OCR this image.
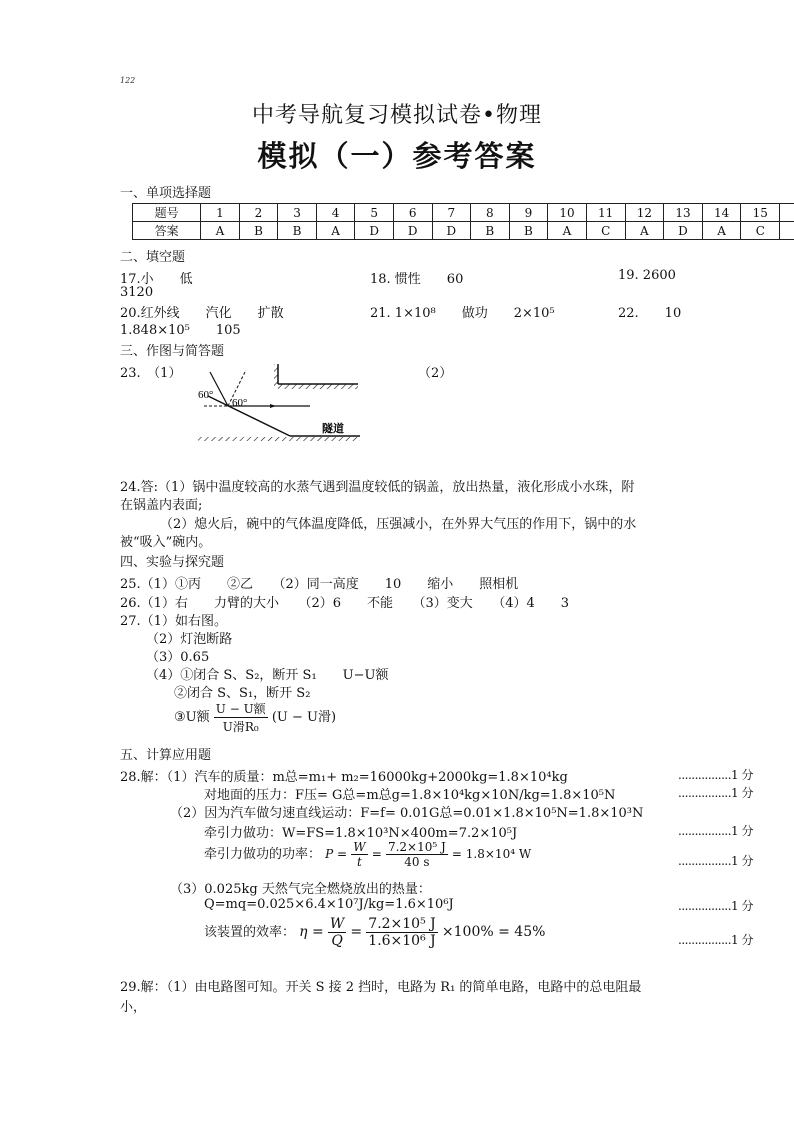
122
中考导航复习模拟试卷•物理
模拟（一）参考答案
一、单项选择题
题号	1	2	3	4	5	6	7	8	9	10	11	12	13	14	15	
答案	A	B	B	A	D	D	D	B	B	A	C	A	D	A	C	
二、填空题
17.小　　低
3120
18. 惯性　　60	19. 2600
20.红外线　　汽化　　扩散
1.848×10⁵　　105
21. 1×10⁸　　做功　　2×10⁵	22.　　10
三、作图与简答题
23.　（1）	（2）
60°
60°
隧道
24.答:（1）锅中温度较高的水蒸气遇到温度较低的锅盖，放出热量，液化形成小水珠，附
在锅盖内表面;
（2）熄火后，碗中的气体温度降低，压强减小，在外界大气压的作用下，锅中的水
被“吸入”碗内。
四、实验与探究题
25.（1）①丙　　②乙　　（2）同一高度　　10　　缩小　　照相机
26.（1）右　　力臂的大小　　（2）6　　不能　　（3）变大　　（4）4　　3
27.（1）如右图。
（2）灯泡断路
（3）0.65
（4）①闭合 S、S₂，断开 S₁　　U−U额
②闭合 S、S₁，断开 S₂
③U额 $\frac{\text{U − U额}}{\text{U滑R₀}} (U - U$滑)
五、计算应用题
28.解：（1）汽车的质量：m总=m₁+ m₂=16000kg+2000kg=1.8×10⁴kg	................1 分
对地面的压力：F压= G总=m总g=1.8×10⁴kg×10N/kg=1.8×10⁵N	................1 分
（2）因为汽车做匀速直线运动：F=f= 0.01G总=0.01×1.8×10⁵N=1.8×10³N
牵引力做功：W=FS=1.8×10³N×400m=7.2×10⁵J	................1 分
牵引力做功的功率： $P = \frac{W}{t} = \frac{\text{7.2×10⁵ J}}{40 s} = 1.8\times 10^4$ W	................1 分
（3）0.025kg 天然气完全燃烧放出的热量：
Q=mq=0.025×6.4×10⁷J/kg=1.6×10⁶J	................1 分
该装置的效率： $\eta = \frac{W}{Q} = \frac{\text{7.2×10⁵ J}}{\text{1.6×10⁶ J}} \times 100\% = 45\%$	................1 分
29.解：（1）由电路图可知。开关 S 接 2 挡时，电路为 R₁ 的简单电路，电路中的总电阻最
小，
